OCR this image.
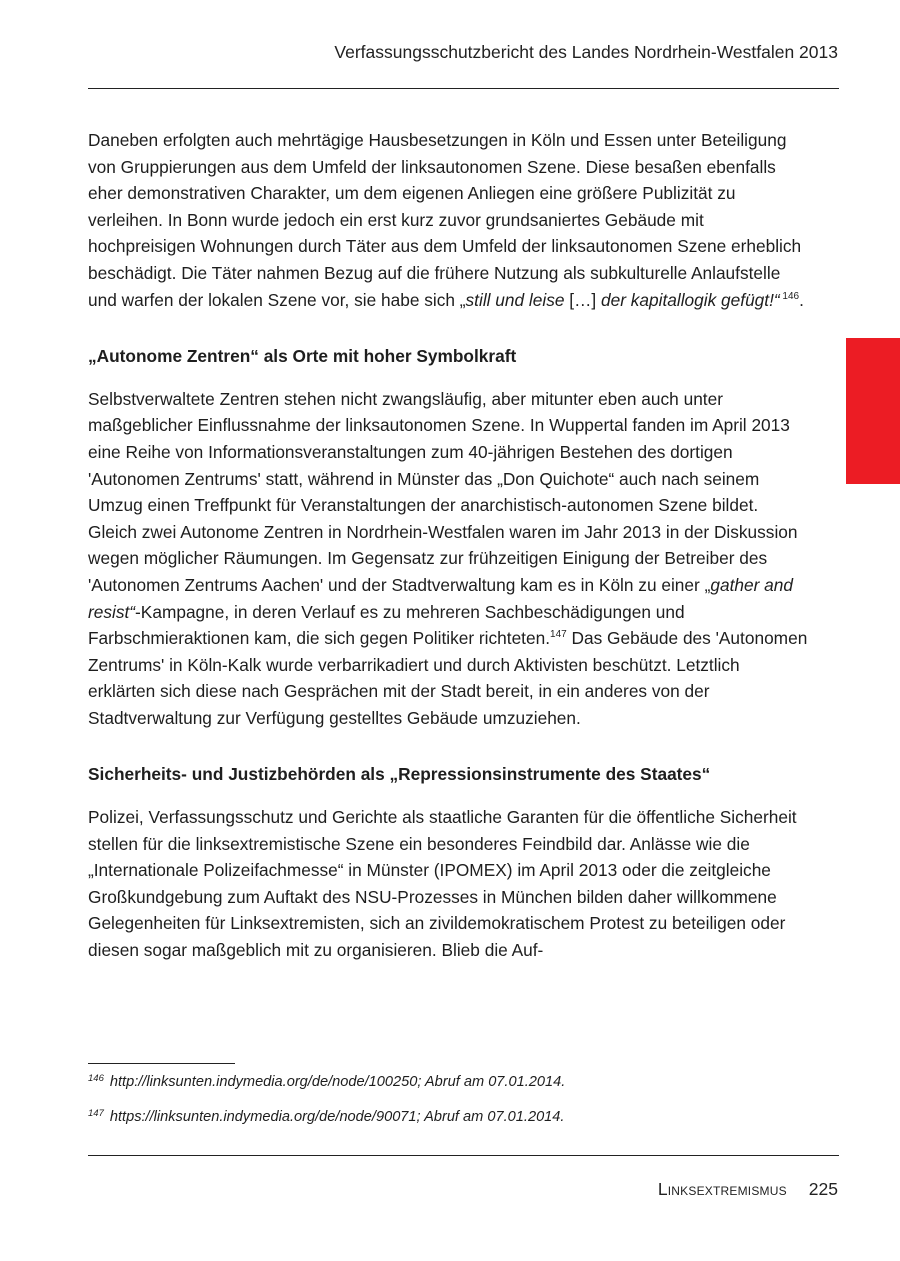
Verfassungsschutzbericht des Landes Nordrhein-Westfalen 2013

Daneben erfolgten auch mehrtägige Hausbesetzungen in Köln und Essen unter Beteiligung von Gruppierungen aus dem Umfeld der linksautonomen Szene. Diese besaßen ebenfalls eher demonstrativen Charakter, um dem eigenen Anliegen eine größere Publizität zu verleihen. In Bonn wurde jedoch ein erst kurz zuvor grundsaniertes Gebäude mit hochpreisigen Wohnungen durch Täter aus dem Umfeld der linksautonomen Szene erheblich beschädigt. Die Täter nahmen Bezug auf die frühere Nutzung als subkulturelle Anlaufstelle und warfen der lokalen Szene vor, sie habe sich „still und leise […] der kapitallogik gefügt!“ $^{146}$.

„Autonome Zentren“ als Orte mit hoher Symbolkraft

Selbstverwaltete Zentren stehen nicht zwangsläufig, aber mitunter eben auch unter maßgeblicher Einflussnahme der linksautonomen Szene. In Wuppertal fanden im April 2013 eine Reihe von Informationsveranstaltungen zum 40-jährigen Bestehen des dortigen 'Autonomen Zentrums' statt, während in Münster das „Don Quichote“ auch nach seinem Umzug einen Treffpunkt für Veranstaltungen der anarchistisch-autonomen Szene bildet. Gleich zwei Autonome Zentren in Nordrhein-Westfalen waren im Jahr 2013 in der Diskussion wegen möglicher Räumungen. Im Gegensatz zur frühzeitigen Einigung der Betreiber des 'Autonomen Zentrums Aachen' und der Stadtverwaltung kam es in Köln zu einer „gather and resist“-Kampagne, in deren Verlauf es zu mehreren Sachbeschädigungen und Farbschmieraktionen kam, die sich gegen Politiker richteten.$^{147}$ Das Gebäude des 'Autonomen Zentrums' in Köln-Kalk wurde verbarrikadiert und durch Aktivisten beschützt. Letztlich erklärten sich diese nach Gesprächen mit der Stadt bereit, in ein anderes von der Stadtverwaltung zur Verfügung gestelltes Gebäude umzuziehen.

Sicherheits- und Justizbehörden als „Repressionsinstrumente des Staates“

Polizei, Verfassungsschutz und Gerichte als staatliche Garanten für die öffentliche Sicherheit stellen für die linksextremistische Szene ein besonderes Feindbild dar. Anlässe wie die „Internationale Polizeifachmesse“ in Münster (IPOMEX) im April 2013 oder die zeitgleiche Großkundgebung zum Auftakt des NSU-Prozesses in München bilden daher willkommene Gelegenheiten für Linksextremisten, sich an zivildemokratischem Protest zu beteiligen oder diesen sogar maßgeblich mit zu organisieren. Blieb die Auf-

$^{146}$ http://linksunten.indymedia.org/de/node/100250; Abruf am 07.01.2014.
$^{147}$ https://linksunten.indymedia.org/de/node/90071; Abruf am 07.01.2014.
Linksextremismus 225
